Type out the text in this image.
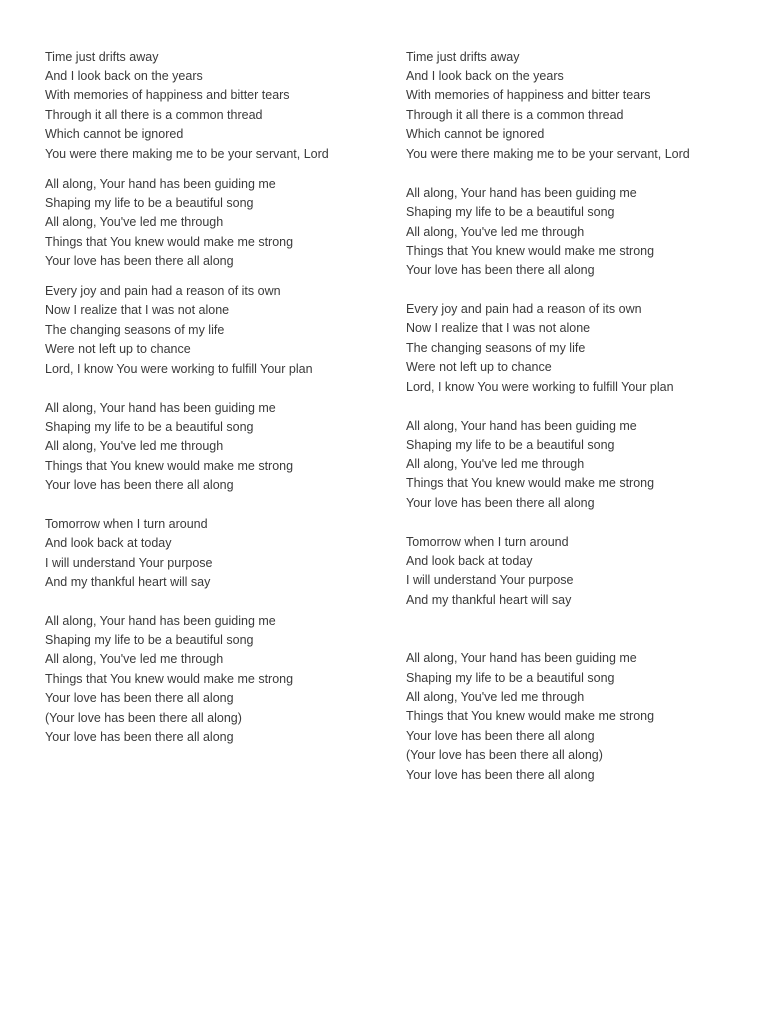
Time just drifts away
And I look back on the years
With memories of happiness and bitter tears
Through it all there is a common thread
Which cannot be ignored
You were there making me to be your servant, Lord
All along, Your hand has been guiding me
Shaping my life to be a beautiful song
All along, You've led me through
Things that You knew would make me strong
Your love has been there all along
Every joy and pain had a reason of its own
Now I realize that I was not alone
The changing seasons of my life
Were not left up to chance
Lord, I know You were working to fulfill Your plan
All along, Your hand has been guiding me
Shaping my life to be a beautiful song
All along, You've led me through
Things that You knew would make me strong
Your love has been there all along
Tomorrow when I turn around
And look back at today
I will understand Your purpose
And my thankful heart will say
All along, Your hand has been guiding me
Shaping my life to be a beautiful song
All along, You've led me through
Things that You knew would make me strong
Your love has been there all along
(Your love has been there all along)
Your love has been there all along
Time just drifts away
And I look back on the years
With memories of happiness and bitter tears
Through it all there is a common thread
Which cannot be ignored
You were there making me to be your servant, Lord
All along, Your hand has been guiding me
Shaping my life to be a beautiful song
All along, You've led me through
Things that You knew would make me strong
Your love has been there all along
Every joy and pain had a reason of its own
Now I realize that I was not alone
The changing seasons of my life
Were not left up to chance
Lord, I know You were working to fulfill Your plan
All along, Your hand has been guiding me
Shaping my life to be a beautiful song
All along, You've led me through
Things that You knew would make me strong
Your love has been there all along
Tomorrow when I turn around
And look back at today
I will understand Your purpose
And my thankful heart will say
All along, Your hand has been guiding me
Shaping my life to be a beautiful song
All along, You've led me through
Things that You knew would make me strong
Your love has been there all along
(Your love has been there all along)
Your love has been there all along
